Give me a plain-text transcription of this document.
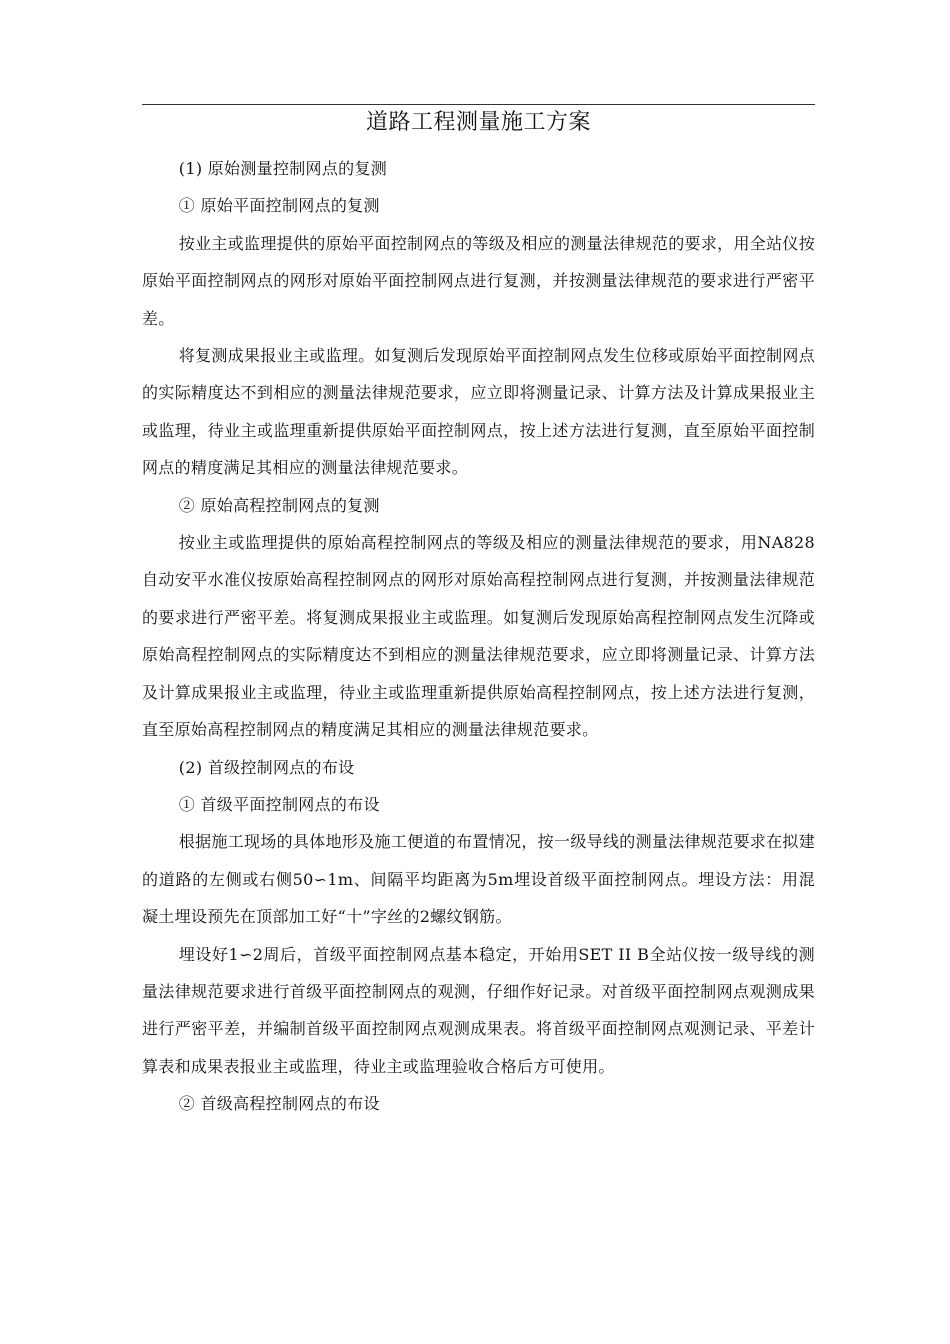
道路工程测量施工方案

(1) 原始测量控制网点的复测

① 原始平面控制网点的复测

按业主或监理提供的原始平面控制网点的等级及相应的测量法律规范的要求，用全站仪按原始平面控制网点的网形对原始平面控制网点进行复测，并按测量法律规范的要求进行严密平差。

将复测成果报业主或监理。如复测后发现原始平面控制网点发生位移或原始平面控制网点的实际精度达不到相应的测量法律规范要求，应立即将测量记录、计算方法及计算成果报业主或监理，待业主或监理重新提供原始平面控制网点，按上述方法进行复测，直至原始平面控制网点的精度满足其相应的测量法律规范要求。

② 原始高程控制网点的复测

按业主或监理提供的原始高程控制网点的等级及相应的测量法律规范的要求，用NA828自动安平水准仪按原始高程控制网点的网形对原始高程控制网点进行复测，并按测量法律规范的要求进行严密平差。将复测成果报业主或监理。如复测后发现原始高程控制网点发生沉降或原始高程控制网点的实际精度达不到相应的测量法律规范要求，应立即将测量记录、计算方法及计算成果报业主或监理，待业主或监理重新提供原始高程控制网点，按上述方法进行复测，直至原始高程控制网点的精度满足其相应的测量法律规范要求。

(2) 首级控制网点的布设

① 首级平面控制网点的布设

根据施工现场的具体地形及施工便道的布置情况，按一级导线的测量法律规范要求在拟建的道路的左侧或右侧50∽1m、间隔平均距离为5m埋设首级平面控制网点。埋设方法：用混凝土埋设预先在顶部加工好“十”字丝的2螺纹钢筋。

埋设好1∽2周后，首级平面控制网点基本稳定，开始用SET II B全站仪按一级导线的测量法律规范要求进行首级平面控制网点的观测，仔细作好记录。对首级平面控制网点观测成果进行严密平差，并编制首级平面控制网点观测成果表。将首级平面控制网点观测记录、平差计算表和成果表报业主或监理，待业主或监理验收合格后方可使用。

② 首级高程控制网点的布设
